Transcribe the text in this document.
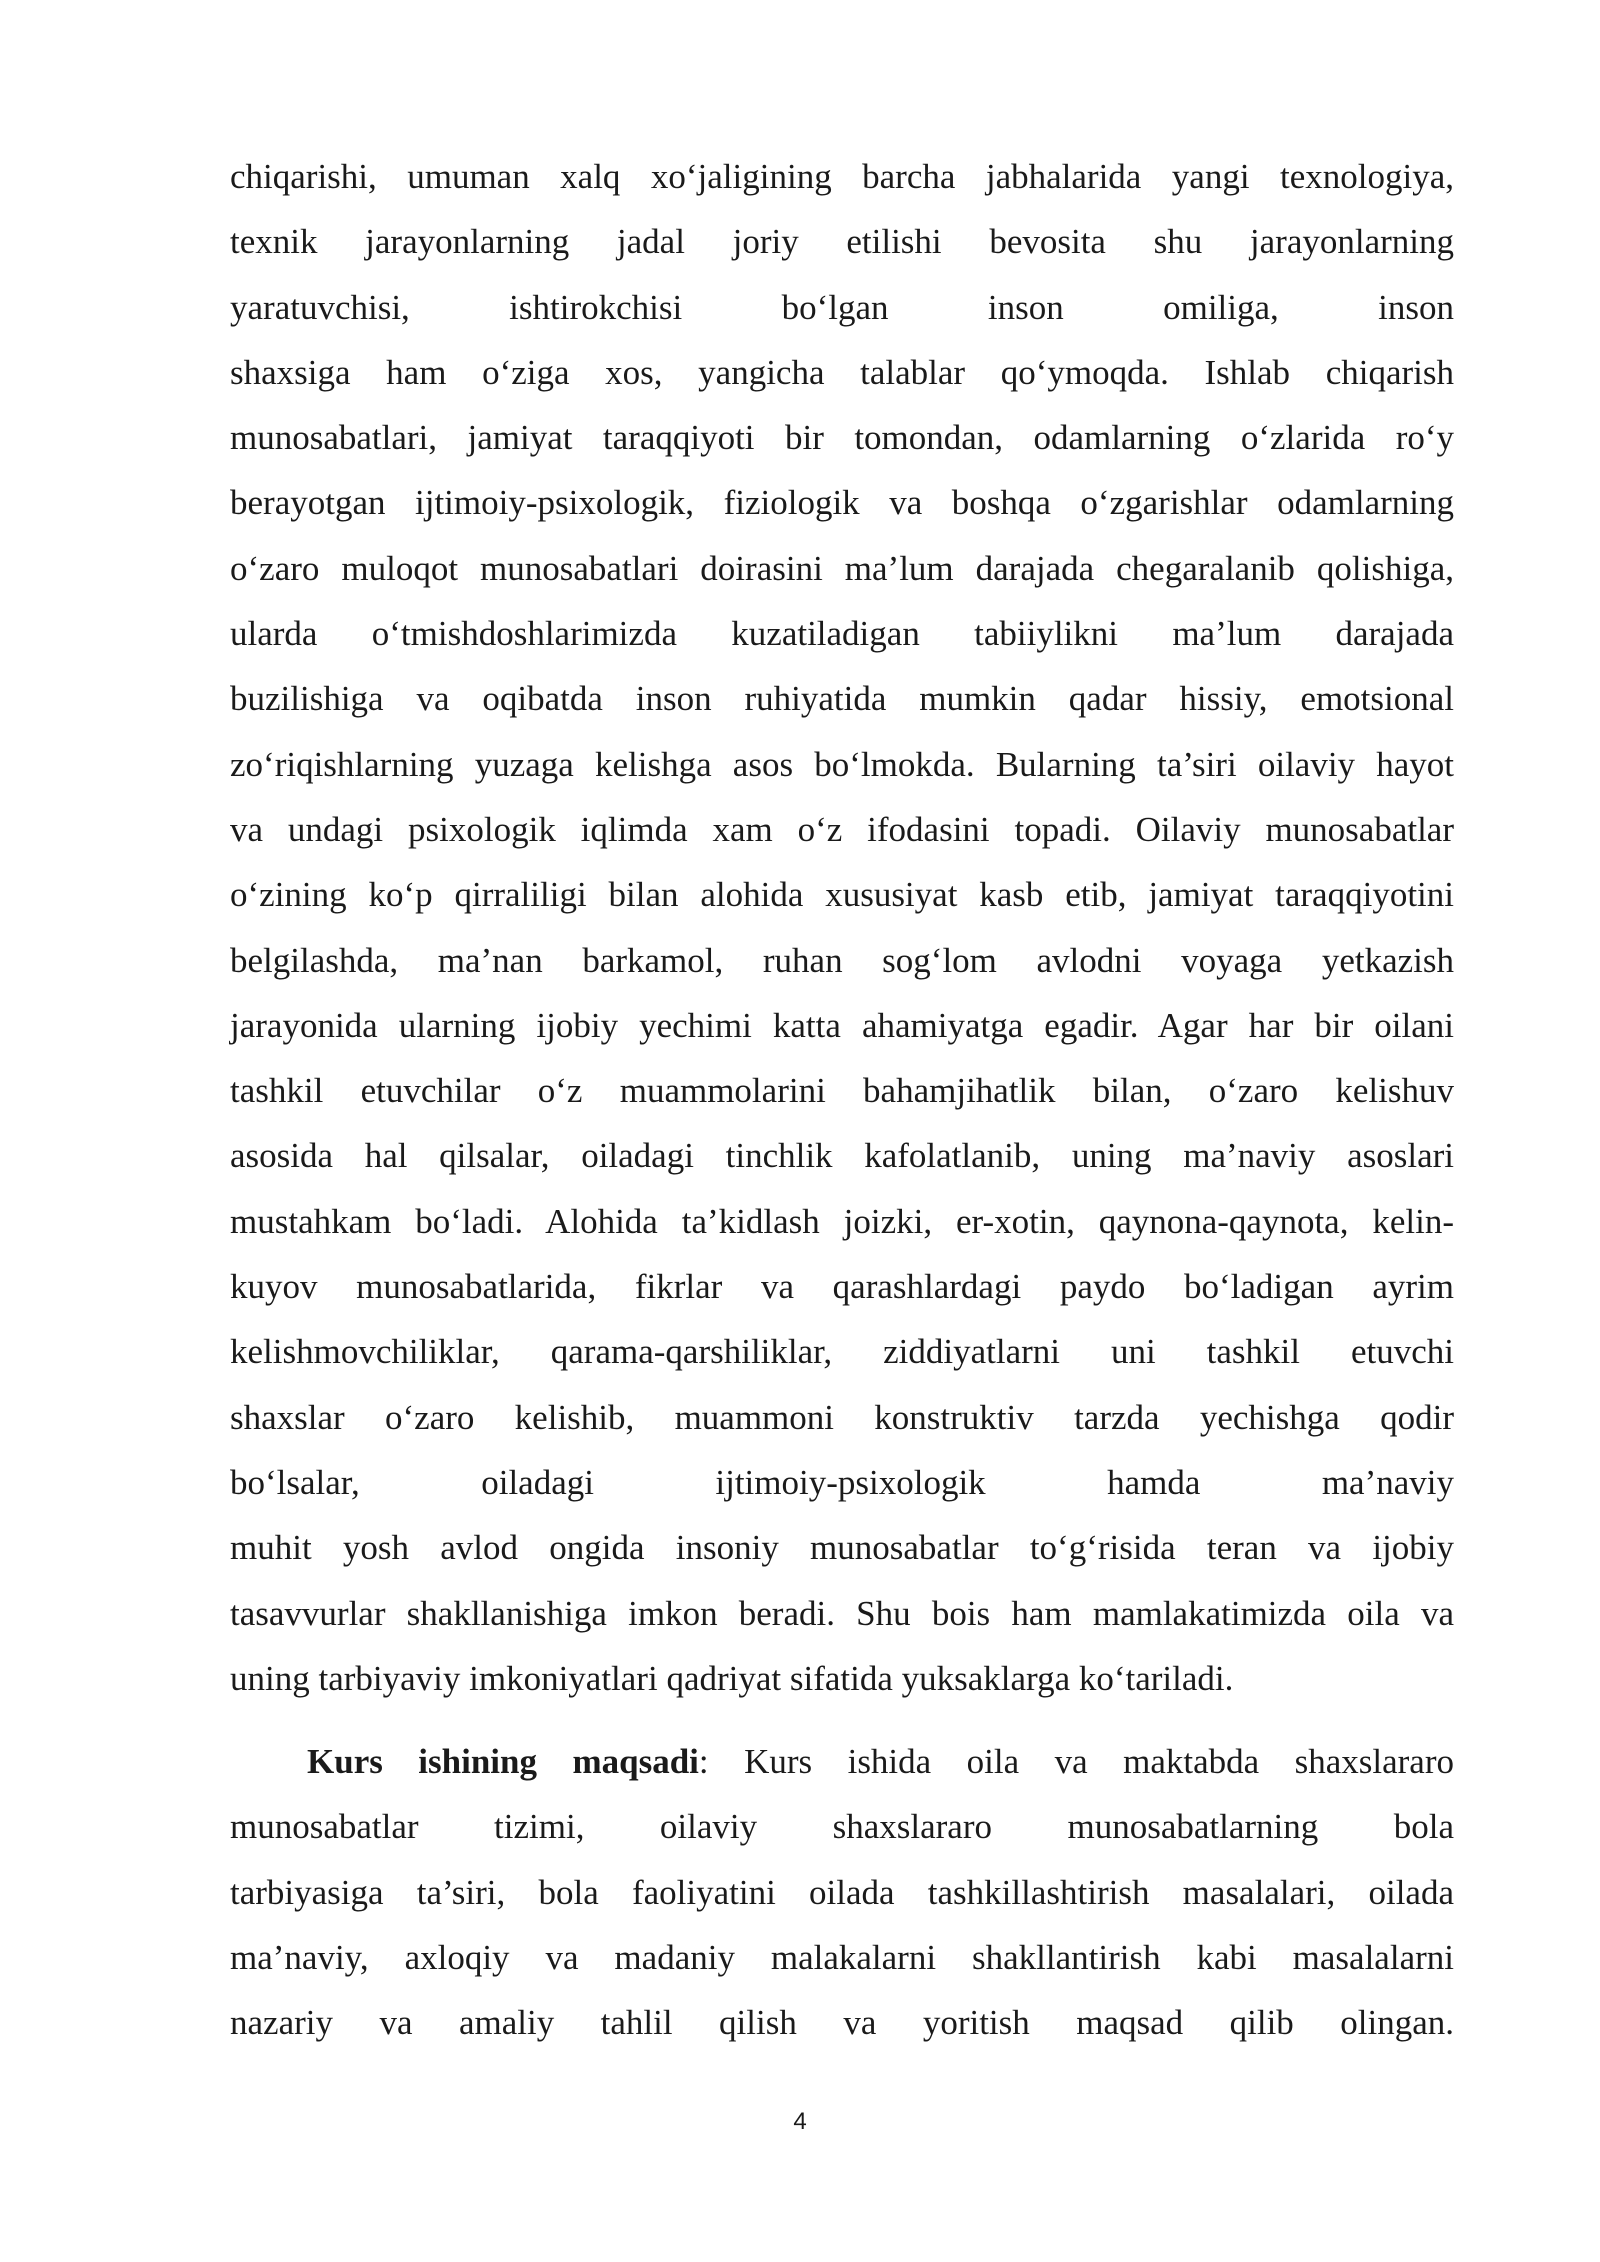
chiqarishi, umuman xalq xo‘jaligining barcha jabhalarida yangi texnologiya,
texnik jarayonlarning jadal joriy etilishi bevosita shu jarayonlarning
yaratuvchisi, ishtirokchisi bo‘lgan inson omiliga, inson
shaxsiga ham o‘ziga xos, yangicha talablar qo‘ymoqda. Ishlab chiqarish
munosabatlari, jamiyat taraqqiyoti bir tomondan, odamlarning o‘zlarida ro‘y
berayotgan ijtimoiy-psixologik, fiziologik va boshqa o‘zgarishlar odamlarning
o‘zaro muloqot munosabatlari doirasini ma’lum darajada chegaralanib qolishiga,
ularda o‘tmishdoshlarimizda kuzatiladigan tabiiylikni ma’lum darajada
buzilishiga va oqibatda inson ruhiyatida mumkin qadar hissiy, emotsional
zo‘riqishlarning yuzaga kelishga asos bo‘lmokda. Bularning ta’siri oilaviy hayot
va undagi psixologik iqlimda xam o‘z ifodasini topadi. Oilaviy munosabatlar
o‘zining ko‘p qirraliligi bilan alohida xususiyat kasb etib, jamiyat taraqqiyotini
belgilashda, ma’nan barkamol, ruhan sog‘lom avlodni voyaga yetkazish
jarayonida ularning ijobiy yechimi katta ahamiyatga egadir. Agar har bir oilani
tashkil etuvchilar o‘z muammolarini bahamjihatlik bilan, o‘zaro kelishuv
asosida hal qilsalar, oiladagi tinchlik kafolatlanib, uning ma’naviy asoslari
mustahkam bo‘ladi. Alohida ta’kidlash joizki, er-xotin, qaynona-qaynota, kelin-
kuyov munosabatlarida, fikrlar va qarashlardagi paydo bo‘ladigan ayrim
kelishmovchiliklar, qarama-qarshiliklar, ziddiyatlarni uni tashkil etuvchi
shaxslar o‘zaro kelishib, muammoni konstruktiv tarzda yechishga qodir
bo‘lsalar, oiladagi ijtimoiy-psixologik hamda ma’naviy
muhit yosh avlod ongida insoniy munosabatlar to‘g‘risida teran va ijobiy
tasavvurlar shakllanishiga imkon beradi. Shu bois ham mamlakatimizda oila va
uning tarbiyaviy imkoniyatlari qadriyat sifatida yuksaklarga ko‘tariladi.
Kurs ishining maqsadi: Kurs ishida oila va maktabda shaxslararo
munosabatlar tizimi, oilaviy shaxslararo munosabatlarning bola
tarbiyasiga ta’siri, bola faoliyatini oilada tashkillashtirish masalalari, oilada
ma’naviy, axloqiy va madaniy malakalarni shakllantirish kabi masalalarni
nazariy va amaliy tahlil qilish va yoritish maqsad qilib olingan.
4
